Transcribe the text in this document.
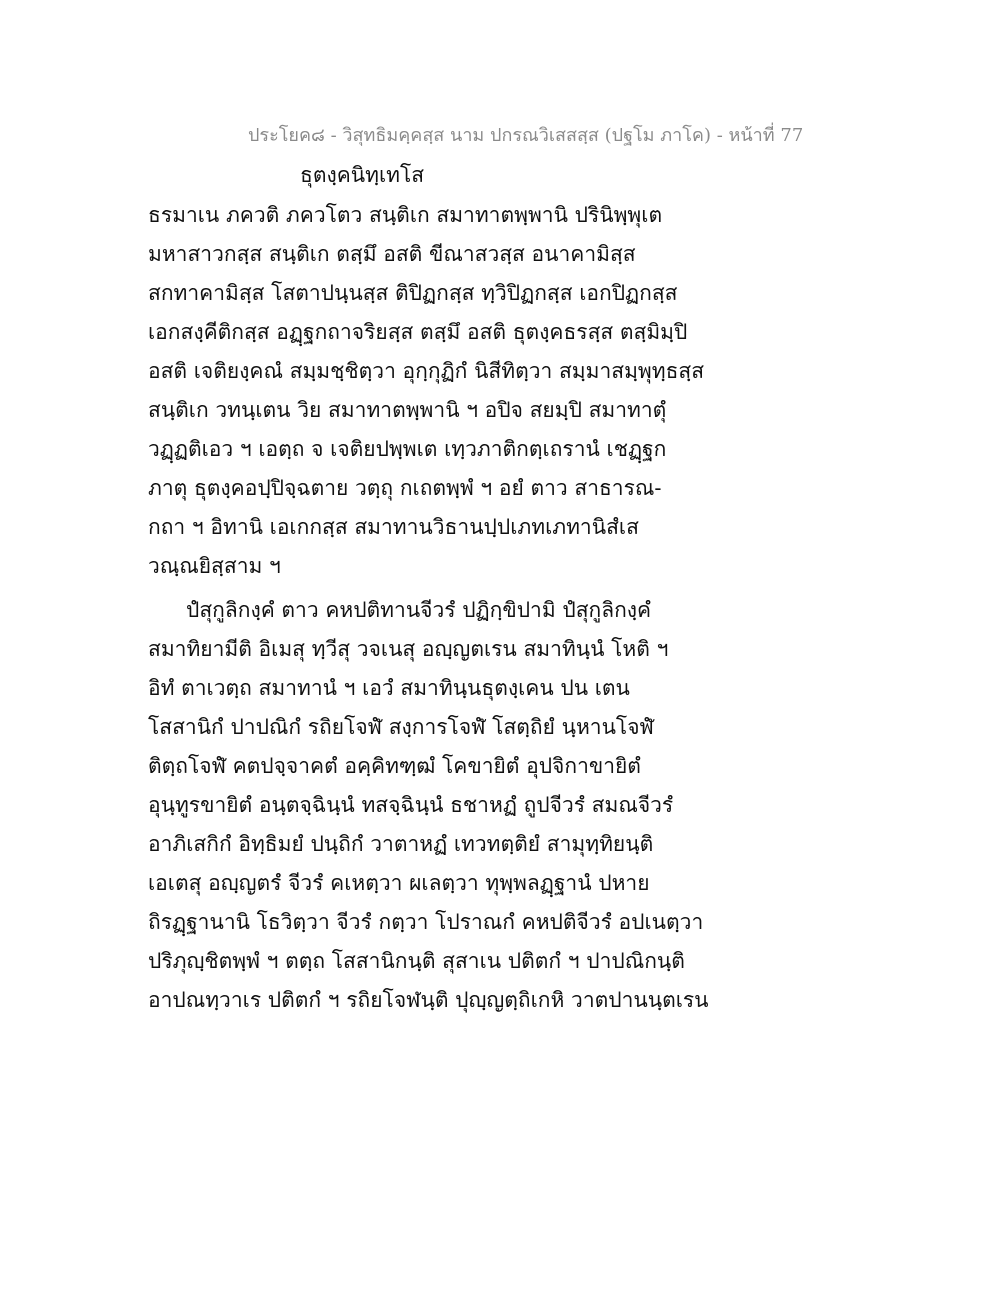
ประโยค๘ - วิสุทธิมคฺคสฺส นาม ปกรณวิเสสสฺส (ปฐโม ภาโค) - หน้าที่ 77
ธุตงฺคนิทฺเทโส
ธรมาเน ภควติ ภควโตว สนฺติเก สมาทาตพฺพานิ ปรินิพฺพุเต
มหาสาวกสฺส สนฺติเก ตสฺมึ อสติ ขีณาสวสฺส อนาคามิสฺส
สกทาคามิสฺส โสตาปนฺนสฺส ติปิฏกสฺส ทฺวิปิฏกสฺส เอกปิฏกสฺส
เอกสงฺคีติกสฺส อฏฺฐกถาจริยสฺส ตสฺมึ อสติ ธุตงฺคธรสฺส ตสฺมิมฺปิ
อสติ เจติยงฺคณํ สมฺมชฺชิตฺวา อุกฺกุฏิกํ นิสีทิตฺวา สมฺมาสมฺพุทฺธสฺส
สนฺติเก วทนฺเตน วิย สมาทาตพฺพานิ ฯ อปิจ สยมฺปิ สมาทาตุํ
วฏฺฏติเอว ฯ เอตฺถ จ เจติยปพฺพเต เทฺวภาติกตฺเถรานํ เชฏฺฐก
ภาตุ ธุตงฺคอปฺปิจฺฉตาย วตฺถุ กเถตพฺพํ ฯ อยํ ตาว สาธารณ-
กถา ฯ อิทานิ เอเกกสฺส สมาทานวิธานปฺปเภทเภทานิสํเส
วณฺณยิสฺสาม ฯ
ปํสุกูลิกงฺคํ ตาว คหปติทานจีวรํ ปฏิกฺขิปามิ ปํสุกูลิกงฺคํ
สมาทิยามีติ อิเมสุ ทฺวีสุ วจเนสุ อญฺญตเรน สมาทินฺนํ โหติ ฯ
อิทํ ตาเวตฺถ สมาทานํ ฯ เอวํ สมาทินฺนธุตงฺเคน ปน เตน
โสสานิกํ ปาปณิกํ รถิยโจฬํ สงฺการโจฬํ โสตฺถิยํ นฺหานโจฬํ
ติตฺถโจฬํ คตปจฺจาคตํ อคฺคิทฑฺฒํ โคขายิตํ อุปจิกาขายิตํ
อุนฺทูรขายิตํ อนฺตจฺฉินฺนํ ทสจฺฉินฺนํ ธชาหฏํ ถูปจีวรํ สมณจีวรํ
อาภิเสกิกํ อิทฺธิมยํ ปนฺถิกํ วาตาหฏํ เทวทตฺติยํ สามุทฺทิยนฺติ
เอเตสุ อญฺญตรํ จีวรํ คเหตฺวา ผเลตฺวา ทุพฺพลฏฺฐานํ ปหาย
ถิรฏฺฐานานิ โธวิตฺวา จีวรํ กตฺวา โปราณกํ คหปติจีวรํ อปเนตฺวา
ปริภุญฺชิตพฺพํ ฯ ตตฺถ โสสานิกนฺติ สุสาเน ปติตกํ ฯ ปาปณิกนฺติ
อาปณทฺวาเร ปติตกํ ฯ รถิยโจฬนฺติ ปุญฺญตฺถิเกหิ วาตปานนฺตเรน
